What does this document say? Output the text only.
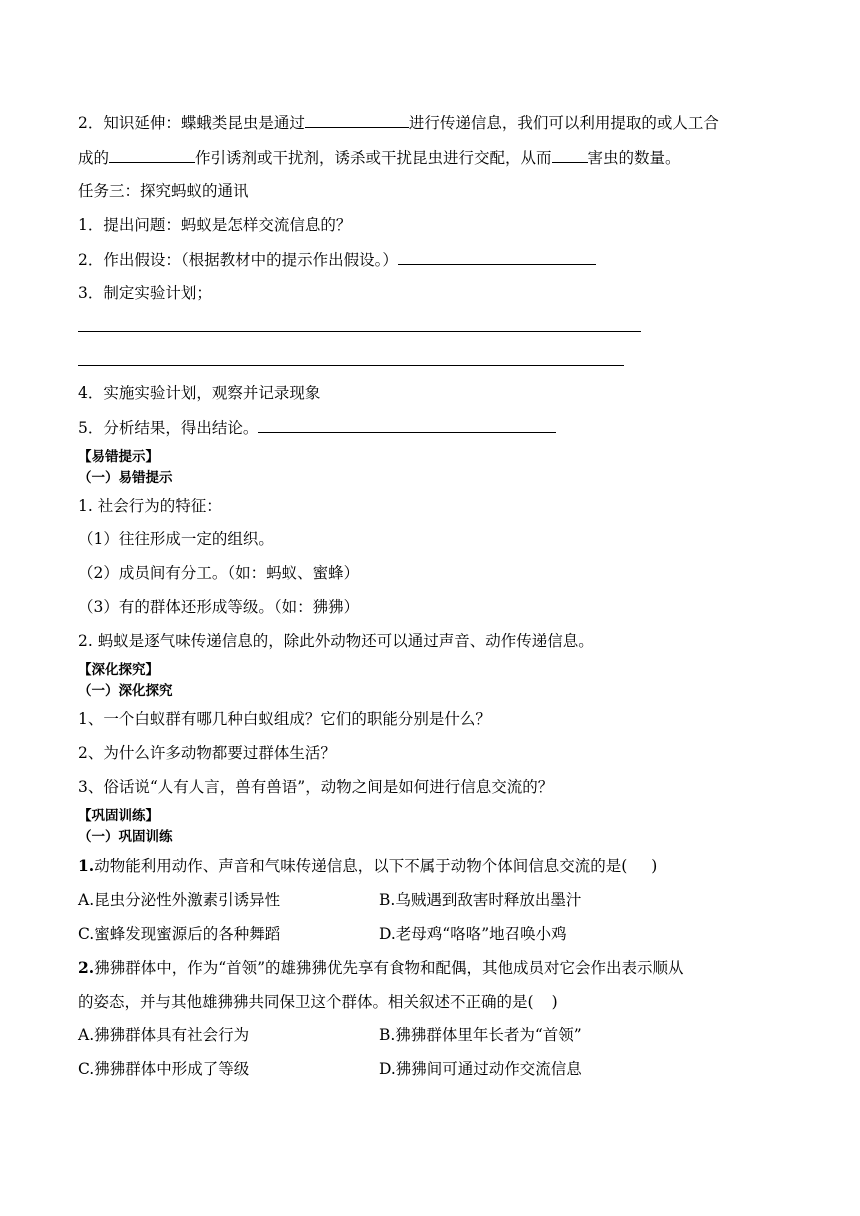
2．知识延伸：蝶蛾类昆虫是通过	进行传递信息，我们可以利用提取的或人工合
成的	作引诱剂或干扰剂，诱杀或干扰昆虫进行交配，从而 害虫的数量。
任务三：探究蚂蚁的通讯
1．提出问题：蚂蚁是怎样交流信息的？
2．作出假设：（根据教材中的提示作出假设。）
3．制定实验计划；
4．实施实验计划，观察并记录现象
5．分析结果，得出结论。
【易错提示】
（一）易错提示
1. 社会行为的特征：
（1）往往形成一定的组织。
（2）成员间有分工。（如：蚂蚁、蜜蜂）
（3）有的群体还形成等级。（如：狒狒）
2. 蚂蚁是逐气味传递信息的，除此外动物还可以通过声音、动作传递信息。
【深化探究】
（一）深化探究
1、一个白蚁群有哪几种白蚁组成？它们的职能分别是什么？
2、为什么许多动物都要过群体生活？
3、俗话说“人有人言，兽有兽语”，动物之间是如何进行信息交流的？
【巩固训练】
（一）巩固训练
1.动物能利用动作、声音和气味传递信息，以下不属于动物个体间信息交流的是( )
A.昆虫分泌性外激素引诱异性	B.乌贼遇到敌害时释放出墨汁
C.蜜蜂发现蜜源后的各种舞蹈	D.老母鸡“咯咯”地召唤小鸡
2.狒狒群体中，作为“首领”的雄狒狒优先享有食物和配偶，其他成员对它会作出表示顺从
的姿态，并与其他雄狒狒共同保卫这个群体。相关叙述不正确的是( )
A.狒狒群体具有社会行为	B.狒狒群体里年长者为“首领”
C.狒狒群体中形成了等级	D.狒狒间可通过动作交流信息
